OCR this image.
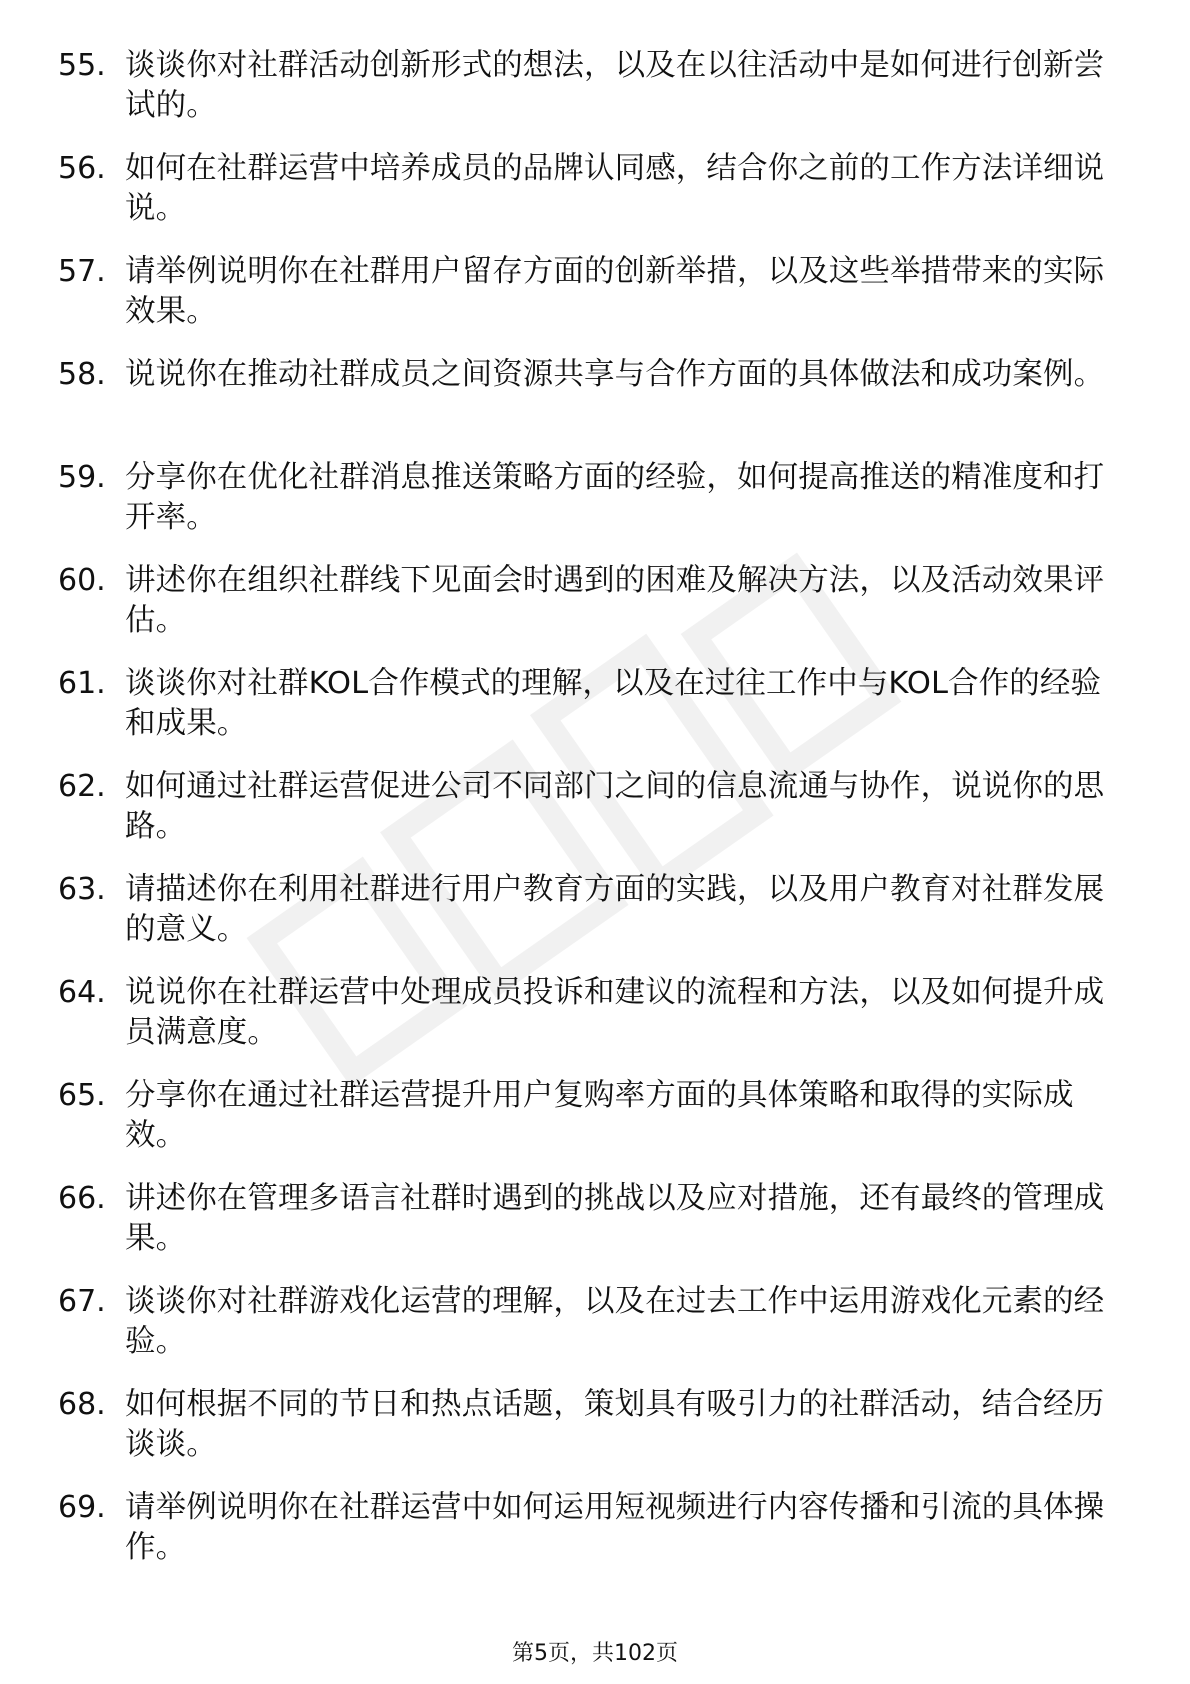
55. 谈谈你对社群活动创新形式的想法，以及在以往活动中是如何进行创新尝试的。
56. 如何在社群运营中培养成员的品牌认同感，结合你之前的工作方法详细说说。
57. 请举例说明你在社群用户留存方面的创新举措，以及这些举措带来的实际效果。
58. 说说你在推动社群成员之间资源共享与合作方面的具体做法和成功案例。
59. 分享你在优化社群消息推送策略方面的经验，如何提高推送的精准度和打开率。
60. 讲述你在组织社群线下见面会时遇到的困难及解决方法，以及活动效果评估。
61. 谈谈你对社群KOL合作模式的理解，以及在过往工作中与KOL合作的经验和成果。
62. 如何通过社群运营促进公司不同部门之间的信息流通与协作，说说你的思路。
63. 请描述你在利用社群进行用户教育方面的实践，以及用户教育对社群发展的意义。
64. 说说你在社群运营中处理成员投诉和建议的流程和方法，以及如何提升成员满意度。
65. 分享你在通过社群运营提升用户复购率方面的具体策略和取得的实际成效。
66. 讲述你在管理多语言社群时遇到的挑战以及应对措施，还有最终的管理成果。
67. 谈谈你对社群游戏化运营的理解，以及在过去工作中运用游戏化元素的经验。
68. 如何根据不同的节日和热点话题，策划具有吸引力的社群活动，结合经历谈谈。
69. 请举例说明你在社群运营中如何运用短视频进行内容传播和引流的具体操作。
第5页，共102页
